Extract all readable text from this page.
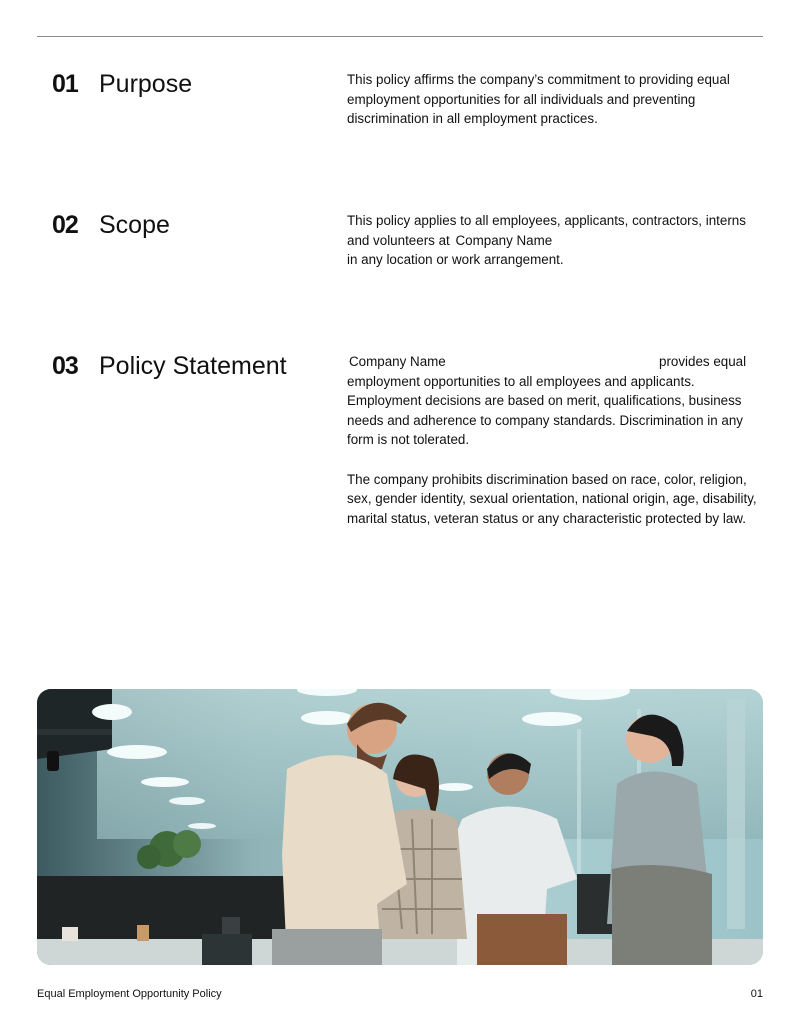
01 Purpose	This policy affirms the company’s commitment to providing equal employment opportunities for all individuals and preventing discrimination in all employment practices.

02 Scope	This policy applies to all employees, applicants, contractors, interns and volunteers at Company Name
in any location or work arrangement.

03 Policy Statement	Company Name	provides equal employment opportunities to all employees and applicants. Employment decisions are based on merit, qualifications, business needs and adherence to company standards. Discrimination in any form is not tolerated.

The company prohibits discrimination based on race, color, religion, sex, gender identity, sexual orientation, national origin, age, disability, marital status, veteran status or any characteristic protected by law.

Equal Employment Opportunity Policy	01
